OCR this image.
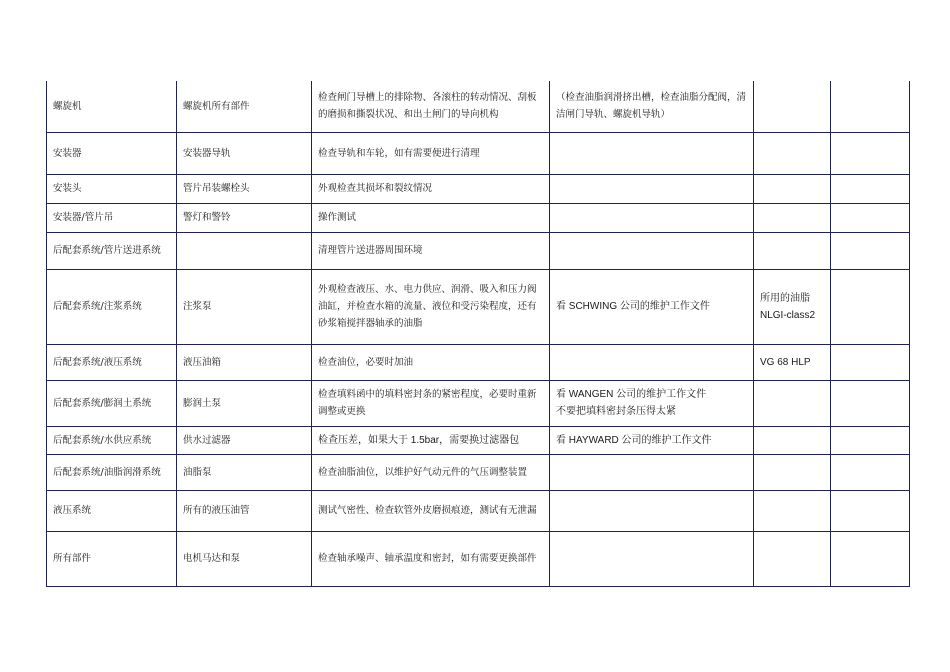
螺旋机	螺旋机所有部件	检查闸门导槽上的排除物、各滚柱的转动情况、刮板的磨损和撕裂状况、和出土闸门的导向机构	（检查油脂润滑挤出槽，检查油脂分配阀，清洁闸门导轨、螺旋机导轨）		
安装器	安装器导轨	检查导轨和车轮，如有需要便进行清理			
安装头	管片吊装螺栓头	外观检查其损坏和裂纹情况			
安装器/管片吊	警灯和警铃	操作测试			
后配套系统/管片送进系统		清理管片送进器周围环境			
后配套系统/注浆系统	注浆泵	外观检查液压、水、电力供应、润滑、吸入和压力阀油缸，并检查水箱的流量、液位和受污染程度，还有砂浆箱搅拌器轴承的油脂	看 SCHWING 公司的维护工作文件	所用的油脂
NLGI-class2	
后配套系统/液压系统	液压油箱	检查油位，必要时加油		VG 68 HLP	
后配套系统/膨润土系统	膨润土泵	检查填料函中的填料密封条的紧密程度，必要时重新调整或更换	看 WANGEN 公司的维护工作文件
不要把填料密封条压得太紧		
后配套系统/水供应系统	供水过滤器	检查压差，如果大于 1.5bar，需要换过滤器包	看 HAYWARD 公司的维护工作文件		
后配套系统/油脂润滑系统	油脂泵	检查油脂油位，以维护好气动元件的气压调整装置			
液压系统	所有的液压油管	测试气密性、检查软管外皮磨损痕迹，测试有无泄漏			
所有部件	电机马达和泵	检查轴承噪声、轴承温度和密封，如有需要更换部件			
